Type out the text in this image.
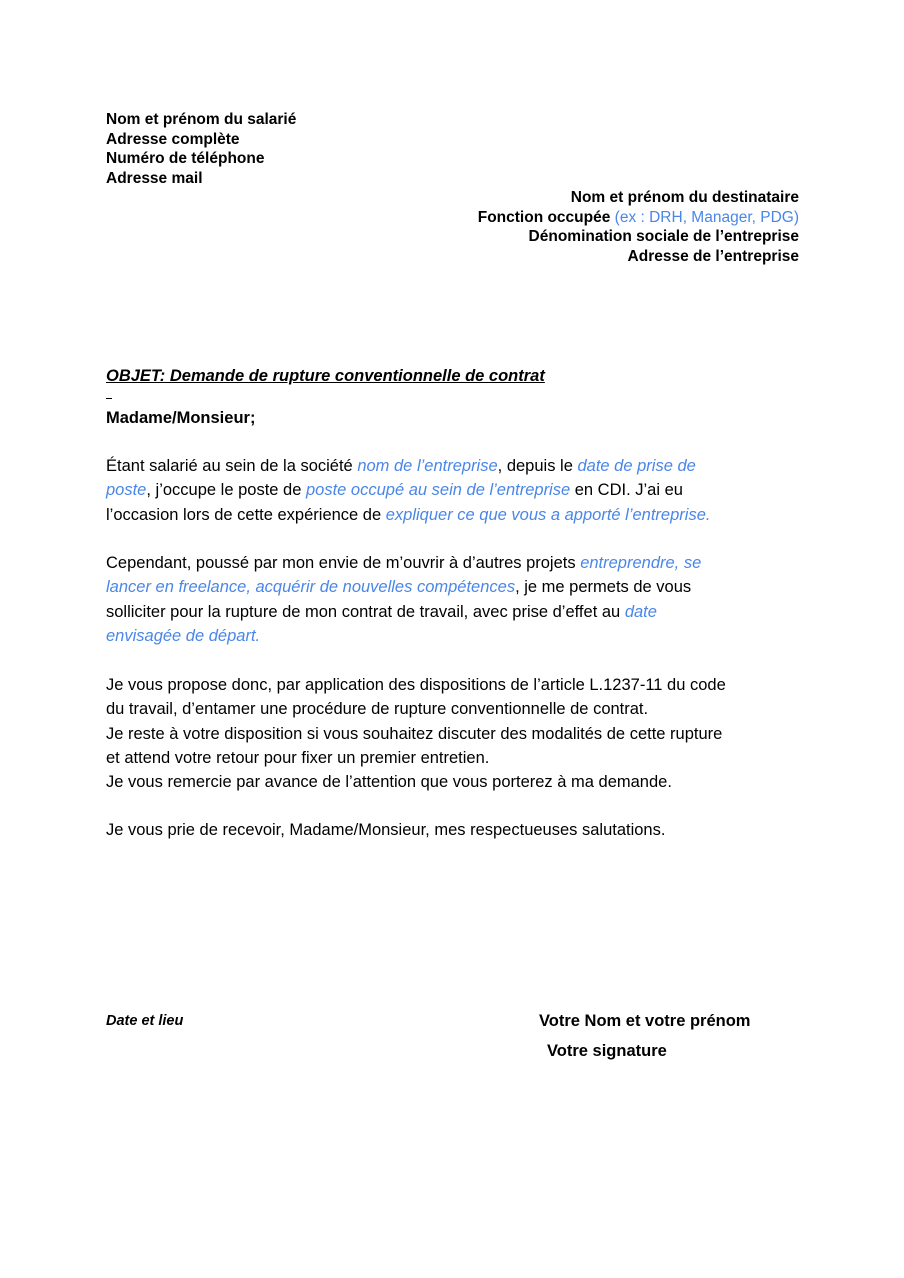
Nom et prénom du salarié
Adresse complète
Numéro de téléphone
Adresse mail
Nom et prénom du destinataire
Fonction occupée (ex : DRH, Manager, PDG)
Dénomination sociale de l’entreprise
Adresse de l’entreprise
OBJET: Demande de rupture conventionnelle de contrat
Madame/Monsieur;
Étant salarié au sein de la société nom de l’entreprise, depuis le date de prise de
poste, j’occupe le poste de poste occupé au sein de l’entreprise en CDI. J’ai eu
l’occasion lors de cette expérience de expliquer ce que vous a apporté l’entreprise.
Cependant, poussé par mon envie de m’ouvrir à d’autres projets entreprendre, se
lancer en freelance, acquérir de nouvelles compétences, je me permets de vous
solliciter pour la rupture de mon contrat de travail, avec prise d’effet au date
envisagée de départ.
Je vous propose donc, par application des dispositions de l’article L.1237-11 du code
du travail, d’entamer une procédure de rupture conventionnelle de contrat.
Je reste à votre disposition si vous souhaitez discuter des modalités de cette rupture
et attend votre retour pour fixer un premier entretien.
Je vous remercie par avance de l’attention que vous porterez à ma demande.
Je vous prie de recevoir, Madame/Monsieur, mes respectueuses salutations.
Date et lieu	Votre Nom et votre prénom
Votre signature
